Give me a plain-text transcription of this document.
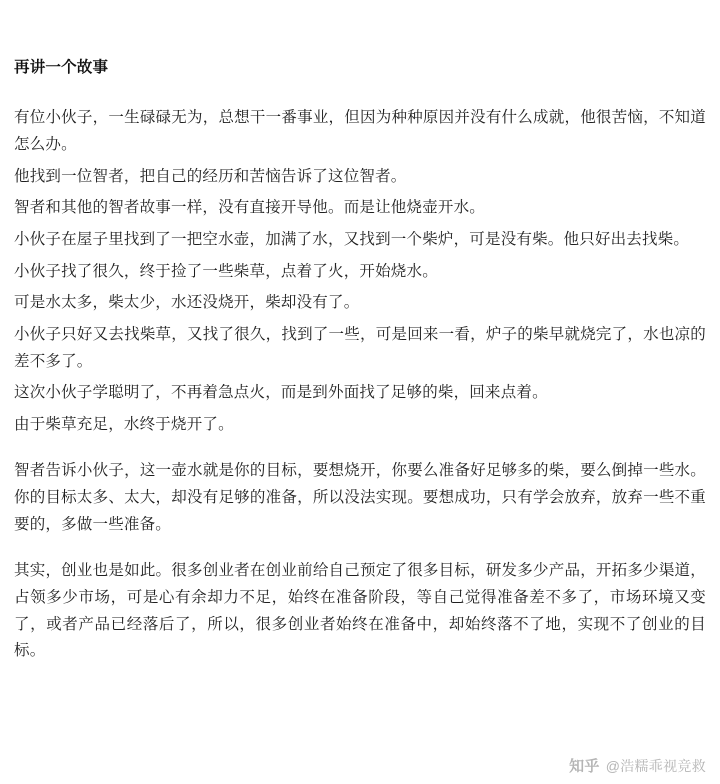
再讲一个故事

有位小伙子，一生碌碌无为，总想干一番事业，但因为种种原因并没有什么成就，他很苦恼，不知道怎么办。

他找到一位智者，把自己的经历和苦恼告诉了这位智者。

智者和其他的智者故事一样，没有直接开导他。而是让他烧壶开水。

小伙子在屋子里找到了一把空水壶，加满了水，又找到一个柴炉，可是没有柴。他只好出去找柴。

小伙子找了很久，终于捡了一些柴草，点着了火，开始烧水。

可是水太多，柴太少，水还没烧开，柴却没有了。

小伙子只好又去找柴草，又找了很久，找到了一些，可是回来一看，炉子的柴早就烧完了，水也凉的差不多了。

这次小伙子学聪明了，不再着急点火，而是到外面找了足够的柴，回来点着。

由于柴草充足，水终于烧开了。

智者告诉小伙子，这一壶水就是你的目标，要想烧开，你要么准备好足够多的柴，要么倒掉一些水。你的目标太多、太大，却没有足够的准备，所以没法实现。要想成功，只有学会放弃，放弃一些不重要的，多做一些准备。

其实，创业也是如此。很多创业者在创业前给自己预定了很多目标，研发多少产品，开拓多少渠道，占领多少市场，可是心有余却力不足，始终在准备阶段，等自己觉得准备差不多了，市场环境又变了，或者产品已经落后了，所以，很多创业者始终在准备中，却始终落不了地，实现不了创业的目标。

知乎 @浩糯乖视竞救
